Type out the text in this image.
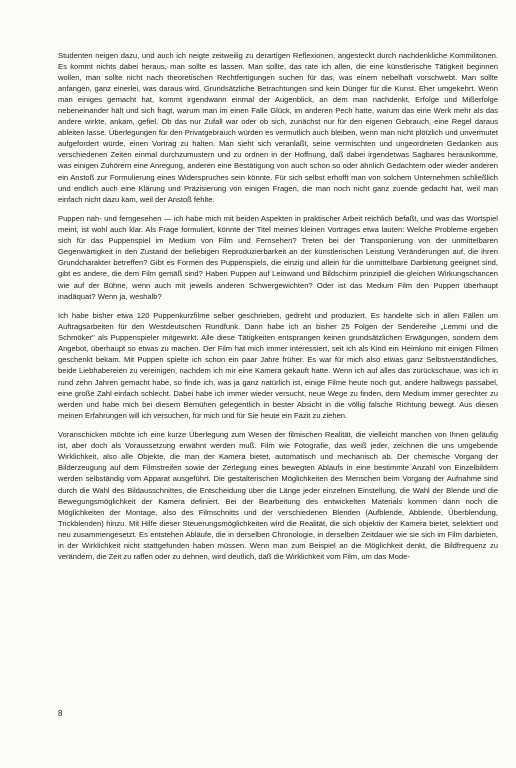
Studenten neigen dazu, und auch ich neigte zeitweilig zu derartigen Reflexionen, angesteckt durch nachdenkliche Kommilitonen. Es kommt nichts dabei heraus, man sollte es lassen. Man sollte, das rate ich allen, die eine künstlerische Tätigkeit beginnen wollen, man sollte nicht nach theoretischen Rechtfertigungen suchen für das, was einem nebelhaft vorschwebt. Man sollte anfangen, ganz einerlei, was daraus wird. Grundsätzliche Betrachtungen sind kein Dünger für die Kunst. Eher umgekehrt. Wenn man einiges gemacht hat, kommt irgendwann einmal der Augenblick, an dem man nachdenkt, Erfolge und Mißerfolge nebeneinander hält und sich fragt, warum man im einen Falle Glück, im anderen Pech hatte, warum das eine Werk mehr als das andere wirkte, ankam, gefiel. Ob das nur Zufall war oder ob sich, zunächst nur für den eigenen Gebrauch, eine Regel daraus ableiten lasse. Überlegungen für den Privatgebrauch würden es vermutlich auch bleiben, wenn man nicht plötzlich und unvermutet aufgefordert würde, einen Vortrag zu halten. Man sieht sich veranlaßt, seine vermischten und ungeordneten Gedanken aus verschiedenen Zeiten einmal durchzumustern und zu ordnen in der Hoffnung, daß dabei irgendetwas Sagbares herauskomme, was einigen Zuhörern eine Anregung, anderen eine Bestätigung von auch schon so oder ähnlich Gedachtem oder wieder anderen ein Anstoß zur Formulierung eines Widerspruches sein könnte. Für sich selbst erhofft man von solchem Unternehmen schließlich und endlich auch eine Klärung und Präzisierung von einigen Fragen, die man noch nicht ganz zuende gedacht hat, weil man einfach nicht dazu kam, weil der Anstoß fehlte.

Puppen nah- und ferngesehen — ich habe mich mit beiden Aspekten in praktischer Arbeit reichlich befaßt, und was das Wortspiel meint, ist wohl auch klar. Als Frage formuliert, könnte der Titel meines kleinen Vortrages etwa lauten: Welche Probleme ergeben sich für das Puppenspiel im Medium von Film und Fernsehen? Treten bei der Transponierung von der unmittelbaren Gegenwärtigkeit in den Zustand der beliebigen Reproduzierbarkeit an der künstlerischen Leistung Veränderungen auf, die ihren Grundcharakter betreffen? Gibt es Formen des Puppenspiels, die einzig und allein für die unmittelbare Darbietung geeignet sind, gibt es andere, die dem Film gemäß sind? Haben Puppen auf Leinwand und Bildschirm prinzipiell die gleichen Wirkungschancen wie auf der Bühne, wenn auch mit jeweils anderen Schwergewichten? Oder ist das Medium Film den Puppen überhaupt inadäquat? Wenn ja, weshalb?

Ich habe bisher etwa 120 Puppenkurzfilme selber geschrieben, gedreht und produziert. Es handelte sich in allen Fällen um Auftragsarbeiten für den Westdeutschen Rundfunk. Dann habe ich an bisher 25 Folgen der Sendereihe „Lemmi und die Schmöker" als Puppenspieler mitgewirkt. Alle diese Tätigkeiten entsprangen keinen grundsätzlichen Erwägungen, sondern dem Angebot, überhaupt so etwas zu machen. Der Film hat mich immer interessiert, seit ich als Kind ein Heimkino mit einigen Filmen geschenkt bekam. Mit Puppen spielte ich schon ein paar Jahre früher. Es war für mich also etwas ganz Selbstverständliches, beide Liebhabereien zu vereinigen, nachdem ich mir eine Kamera gekauft hatte. Wenn ich auf alles das zurückschaue, was ich in rund zehn Jahren gemacht habe, so finde ich, was ja ganz natürlich ist, einige Filme heute noch gut, andere halbwegs passabel, eine große Zahl einfach schlecht. Dabei habe ich immer wieder versucht, neue Wege zu finden, dem Medium immer gerechter zu werden und habe mich bei diesem Bemühen gelegentlich in bester Absicht in die völlig falsche Richtung bewegt. Aus diesen meinen Erfahrungen will ich versuchen, für mich und für Sie heute ein Fazit zu ziehen.

Voranschicken möchte ich eine kurze Überlegung zum Wesen der filmischen Realität, die vielleicht manchen von Ihnen geläufig ist, aber doch als Voraussetzung erwähnt werden muß. Film wie Fotografie, das weiß jeder, zeichnen die uns umgebende Wirklichkeit, also alle Objekte, die man der Kamera bietet, automatisch und mechanisch ab. Der chemische Vorgang der Bilderzeugung auf dem Filmstreifen sowie der Zerlegung eines bewegten Ablaufs in eine bestimmte Anzahl von Einzelbildern werden selbständig vom Apparat ausgeführt. Die gestalterischen Möglichkeiten des Menschen beim Vorgang der Aufnahme sind durch die Wahl des Bildausschnittes, die Entscheidung über die Länge jeder einzelnen Einstellung, die Wahl der Blende und die Bewegungsmöglichkeit der Kamera definiert. Bei der Bearbeitung des entwickelten Materials kommen dann noch die Möglichkeiten der Montage, also des Filmschnitts und der verschiedenen Blenden (Aufblende, Abblende, Überblendung, Trickblenden) hinzu. Mit Hilfe dieser Steuerungsmöglichkeiten wird die Realität, die sich objektiv der Kamera bietet, selektiert und neu zusammengesetzt. Es entstehen Abläufe, die in derselben Chronologie, in derselben Zeitdauer wie sie sich im Film darbieten, in der Wirklichkeit nicht stattgefunden haben müssen. Wenn man zum Beispiel an die Möglichkeit denkt, die Bildfrequenz zu verändern, die Zeit zu raffen oder zu dehnen, wird deutlich, daß die Wirklichkeit vom Film, um das Mode-

8
